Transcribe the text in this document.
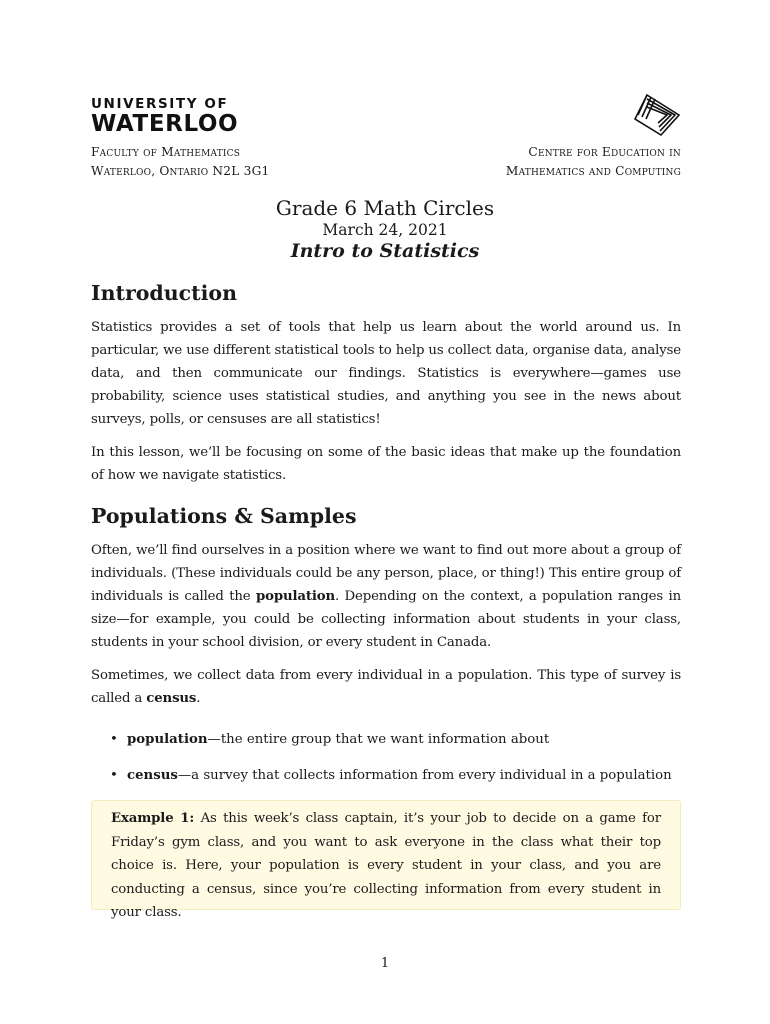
UNIVERSITY OF
WATERLOO
Faculty of Mathematics
Waterloo, Ontario N2L 3G1
Centre for Education in
Mathematics and Computing
Grade 6 Math Circles
March 24, 2021
Intro to Statistics
Introduction
Statistics provides a set of tools that help us learn about the world around us. In particular, we use different statistical tools to help us collect data, organise data, analyse data, and then communicate our findings. Statistics is everywhere—games use probability, science uses statistical studies, and anything you see in the news about surveys, polls, or censuses are all statistics!
In this lesson, we’ll be focusing on some of the basic ideas that make up the foundation of how we navigate statistics.
Populations & Samples
Often, we’ll find ourselves in a position where we want to find out more about a group of individuals. (These individuals could be any person, place, or thing!) This entire group of individuals is called the population. Depending on the context, a population ranges in size—for example, you could be collecting information about students in your class, students in your school division, or every student in Canada.
Sometimes, we collect data from every individual in a population. This type of survey is called a census.
• population—the entire group that we want information about
• census—a survey that collects information from every individual in a population
Example 1: As this week’s class captain, it’s your job to decide on a game for Friday’s gym class, and you want to ask everyone in the class what their top choice is. Here, your population is every student in your class, and you are conducting a census, since you’re collecting information from every student in your class.
1
